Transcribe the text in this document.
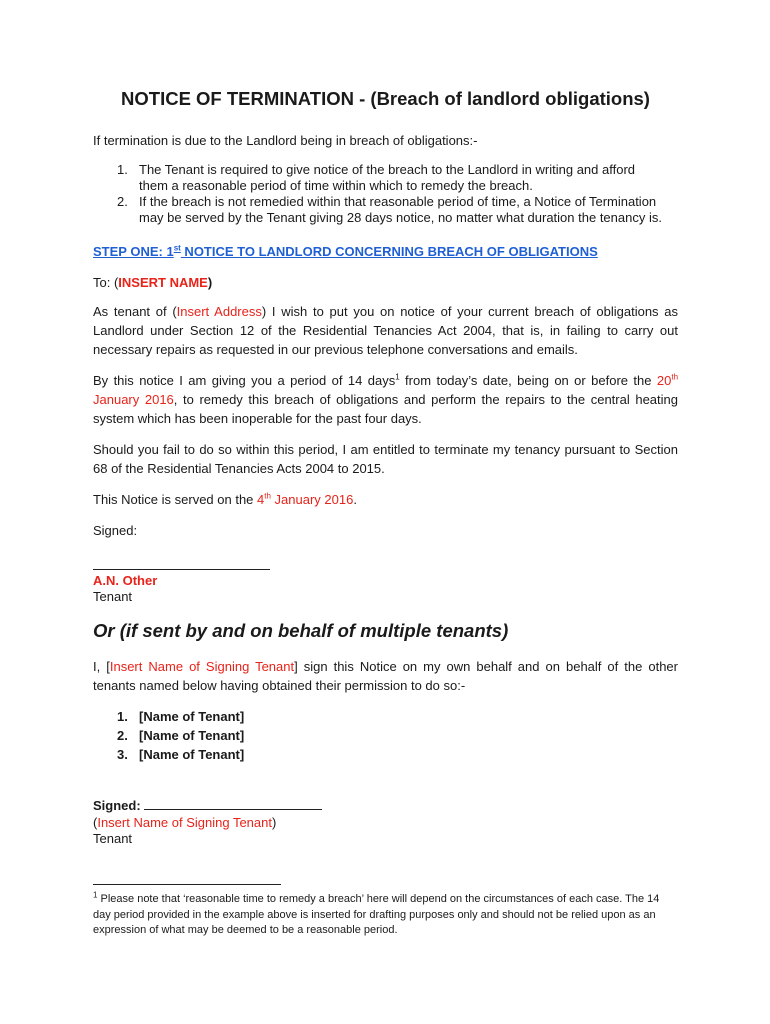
NOTICE OF TERMINATION - (Breach of landlord obligations)

If termination is due to the Landlord being in breach of obligations:-

1. The Tenant is required to give notice of the breach to the Landlord in writing and afford
them a reasonable period of time within which to remedy the breach.
2. If the breach is not remedied within that reasonable period of time, a Notice of Termination
may be served by the Tenant giving 28 days notice, no matter what duration the tenancy is.

STEP ONE: 1st NOTICE TO LANDLORD CONCERNING BREACH OF OBLIGATIONS

To: (INSERT NAME)

As tenant of (Insert Address) I wish to put you on notice of your current breach of obligations as Landlord under Section 12 of the Residential Tenancies Act 2004, that is, in failing to carry out necessary repairs as requested in our previous telephone conversations and emails.

By this notice I am giving you a period of 14 days$^1$ from today’s date, being on or before the 20th January 2016, to remedy this breach of obligations and perform the repairs to the central heating system which has been inoperable for the past four days.

Should you fail to do so within this period, I am entitled to terminate my tenancy pursuant to Section 68 of the Residential Tenancies Acts 2004 to 2015.

This Notice is served on the 4th January 2016.

Signed:

A.N. Other

Tenant

Or (if sent by and on behalf of multiple tenants)

I, [Insert Name of Signing Tenant] sign this Notice on my own behalf and on behalf of the other tenants named below having obtained their permission to do so:-

1. [Name of Tenant]
2. [Name of Tenant]
3. [Name of Tenant]

Signed:

(Insert Name of Signing Tenant)

Tenant

$^1$ Please note that ‘reasonable time to remedy a breach’ here will depend on the circumstances of each case. The 14 day period provided in the example above is inserted for drafting purposes only and should not be relied upon as an expression of what may be deemed to be a reasonable period.
